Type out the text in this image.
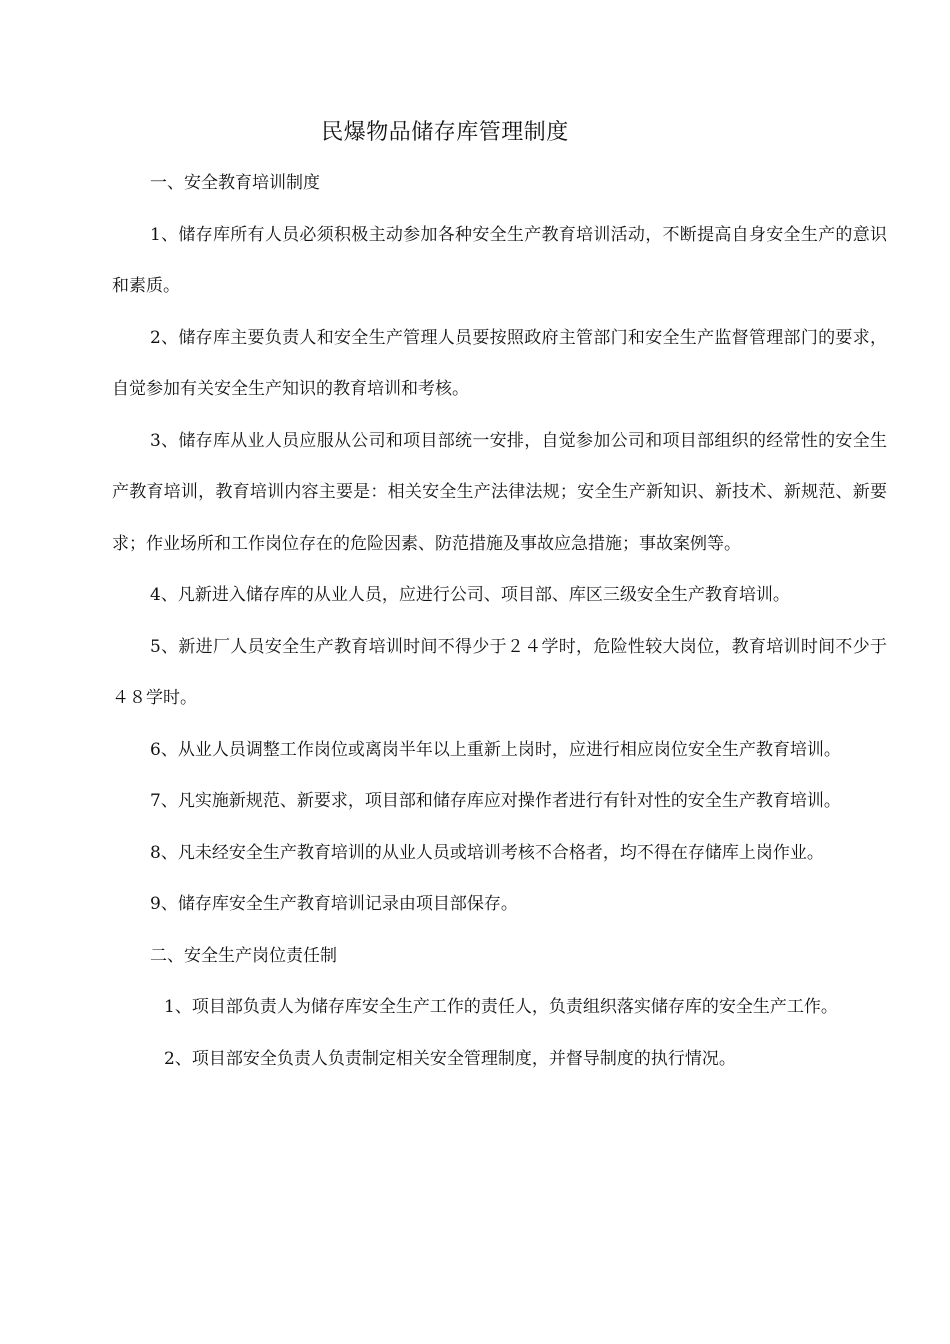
民爆物品储存库管理制度

一、安全教育培训制度

1、储存库所有人员必须积极主动参加各种安全生产教育培训活动，不断提高自身安全生产的意识和素质。

2、储存库主要负责人和安全生产管理人员要按照政府主管部门和安全生产监督管理部门的要求，自觉参加有关安全生产知识的教育培训和考核。

3、储存库从业人员应服从公司和项目部统一安排，自觉参加公司和项目部组织的经常性的安全生产教育培训，教育培训内容主要是：相关安全生产法律法规；安全生产新知识、新技术、新规范、新要求；作业场所和工作岗位存在的危险因素、防范措施及事故应急措施；事故案例等。

4、凡新进入储存库的从业人员，应进行公司、项目部、库区三级安全生产教育培训。

5、新进厂人员安全生产教育培训时间不得少于２４学时，危险性较大岗位，教育培训时间不少于４８学时。

6、从业人员调整工作岗位或离岗半年以上重新上岗时，应进行相应岗位安全生产教育培训。

7、凡实施新规范、新要求，项目部和储存库应对操作者进行有针对性的安全生产教育培训。

8、凡未经安全生产教育培训的从业人员或培训考核不合格者，均不得在存储库上岗作业。

9、储存库安全生产教育培训记录由项目部保存。

二、安全生产岗位责任制

1、项目部负责人为储存库安全生产工作的责任人，负责组织落实储存库的安全生产工作。

2、项目部安全负责人负责制定相关安全管理制度，并督导制度的执行情况。
